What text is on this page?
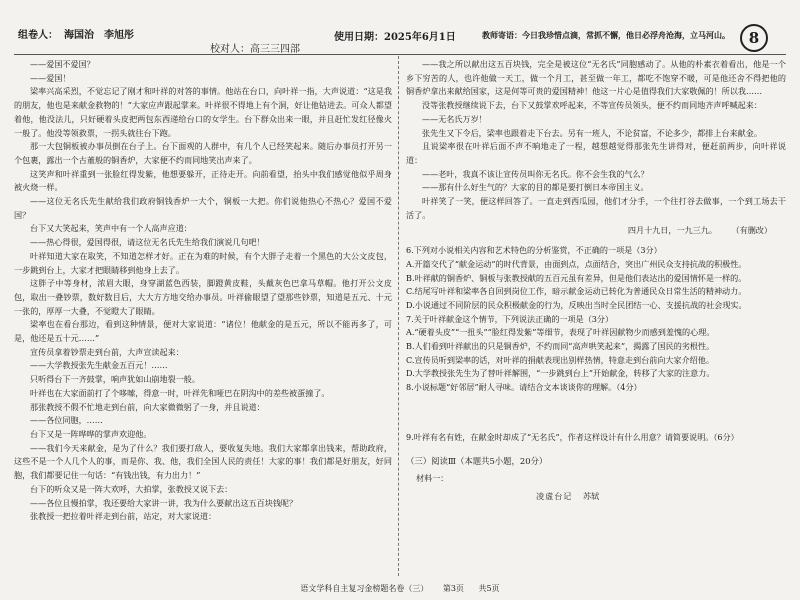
组卷人： 海国治　李旭彤
校对人：高三三四部
使用日期：2025年6月1日	教师寄语：今日我珍惜点滴，常抓不懈，他日必浮舟沧海，立马河山。	8

——爱国不爱国？

——爱国！

梁率兴高采烈，不觉忘记了刚才和叶祥的对答的事情。他站在台口，向叶祥一指，大声说道：“这是我的朋友，他也是来献金救物的！”大家应声跟起掌来。叶祥很不得地上有个洞，好让他钻进去。可众人都望着他，他没法儿，只好硬着头皮把两包东西递给台口的女学生。台下群众出来一眼，并且赶忙发红径像火一般了。他没等领救票，一拐头就往台下跑。

那一大包铜板被办事员倒在台子上。台下面观的人群中，有几个人已经笑起来。随后办事员打开另一个包裹，露出一个古董般的铜香炉，大家便不约而同地笑出声来了。

这笑声和叶祥重到一张脸红得发紫，他想要躲开，正待走开。向前看望，抬头中我们感觉他似乎周身被火烧一样。

——这位无名氏先生献给我们政府铜钱香炉一大个，铜板一大把。你们说他热心不热心？爱国不爱国？

台下又大笑起来，笑声中有一个人高声应道：

——热心得很，爱国得很，请这位无名氏先生给我们演说几句吧！

叶祥知道大家在取笑，不知道怎样才好。正在为难的时候，有个大胖子走着一个黑色的大公文皮包，一步跳到台上，大家才把眼睛移到他身上去了。

这胖子中等身材，浓眉大眼，身穿湖蓝色西装，脚蹬黄皮鞋，头戴灰色巴拿马草帽。他打开公文皮包，取出一叠钞票，数好数目后，大大方方地交给办事员。叶祥偷眼望了望那些钞票，知道是五元、十元一张的，厚厚一大叠，不觉瞪大了眼睛。

梁率也在看台那边，看到这种情景，便对大家说道：“诸位！他献金的是五元，所以不能再多了，可是，他还是五十元……”

宣传员拿着钞票走到台前，大声宣读起来：

——大学教授张先生献金五百元！……

只听得台下一齐鼓掌，响声犹如山崩地裂一般。

叶祥也在大家面前打了个哆嗦，得意一时，叶祥先和哑巴在阴沟中的差些被蛋撞了。

那张教授不假不忙地走到台前，向大家微微躬了一身，并且说道：

——各位同胞，……

台下又是一阵哗哗的掌声欢迎他。

——我们今天来献金，是为了什么？我们要打敌人，要收复失地。我们大家都拿出钱来，帮助政府，这些不是一个人几个人的事，而是你、我、他，我们全国人民的责任！大家的事！我们都是好朋友，好同胞，我们都要记住一句话：“有钱出钱，有力出力！”

台下的听众又是一阵大欢呼，大拍掌，张教授又说下去：

——各位且慢拍掌，我还要给大家讲一讲，我为什么要献出这五百块钱呢？

张教授一把拉着叶祥走到台前，站定，对大家说道：

——我之所以献出这五百块钱，完全是被这位“无名氏”同胞感动了。从他的朴素衣着看出，他是一个乡下穷苦的人，也许他做一天工，做一个月工，甚至做一年工，都吃不饱穿不暖，可是他还舍不得把他的铜香炉拿出来献给国家，这是何等可贵的爱国精神！他这一片心是值得我们大家敬佩的！所以我……

没等张教授继续说下去，台下又鼓掌欢呼起来，不等宣传员领头，便不约而同地齐声呼喊起来：

——无名氏万岁！

张先生又下令后，梁率也跟着走下台去。另有一班人，不论贫富，不论多少，都排上台来献金。

且说梁率很在叶祥后面不声不响地走了一程，越想越觉得那张先生讲得对，便赶前两步，向叶祥说道：

——老叶，我真不该让宣传员叫你无名氏。你不会生我的气么？

——那有什么好生气的？大家的目的都是要打倒日本帝国主义。

叶祥笑了一笑，便这样回答了。一直走到西瓜园，他们才分手，一个往打谷去做事，一个到工场去干活了。

四月十九日，一九三九。 （有删改）

6.下列对小说相关内容和艺术特色的分析鉴赏，不正确的一项是（3分）

A.开篇交代了“献金运动”的时代背景，由面到点，点面结合，突出广州民众支持抗战的积极性。

B.叶祥献的铜香炉、铜板与张教授献的五百元虽有差异，但是他们表达出的爱国情怀是一样的。

C.结尾写叶祥和梁率各自回到岗位工作，暗示献金运动已转化为普通民众日常生活的精神动力。

D.小说通过不同阶层的民众积极献金的行为，反映出当时全民团结一心、支援抗战的社会现实。

7.关于叶祥献金这个情节，下列说法正确的一项是（3分）

A.“硬着头皮”“一扭头”“脸红得发紫”等细节，表现了叶祥因献物少而感到羞愧的心理。

B.人们看到叶祥献出的只是铜香炉，不约而同“高声哄笑起来”，揭露了国民的劣根性。

C.宣传员听到梁率的话，对叶祥的捐献表现出别样热情，特意走到台前向大家介绍他。

D.大学教授张先生为了替叶祥解围，“一步跳到台上”开始献金，转移了大家的注意力。

8.小说标题“好邻居”耐人寻味。请结合文本谈谈你的理解。（4分）

9.叶祥有名有姓，在献金时却成了“无名氏”，作者这样设计有什么用意？请简要说明。（6分）

（三）阅读Ⅲ（本题共5小题，20分）
材料一：
凌虚台记 苏轼
语文学科自主复习金榜题名卷（三） 第3页 共5页
